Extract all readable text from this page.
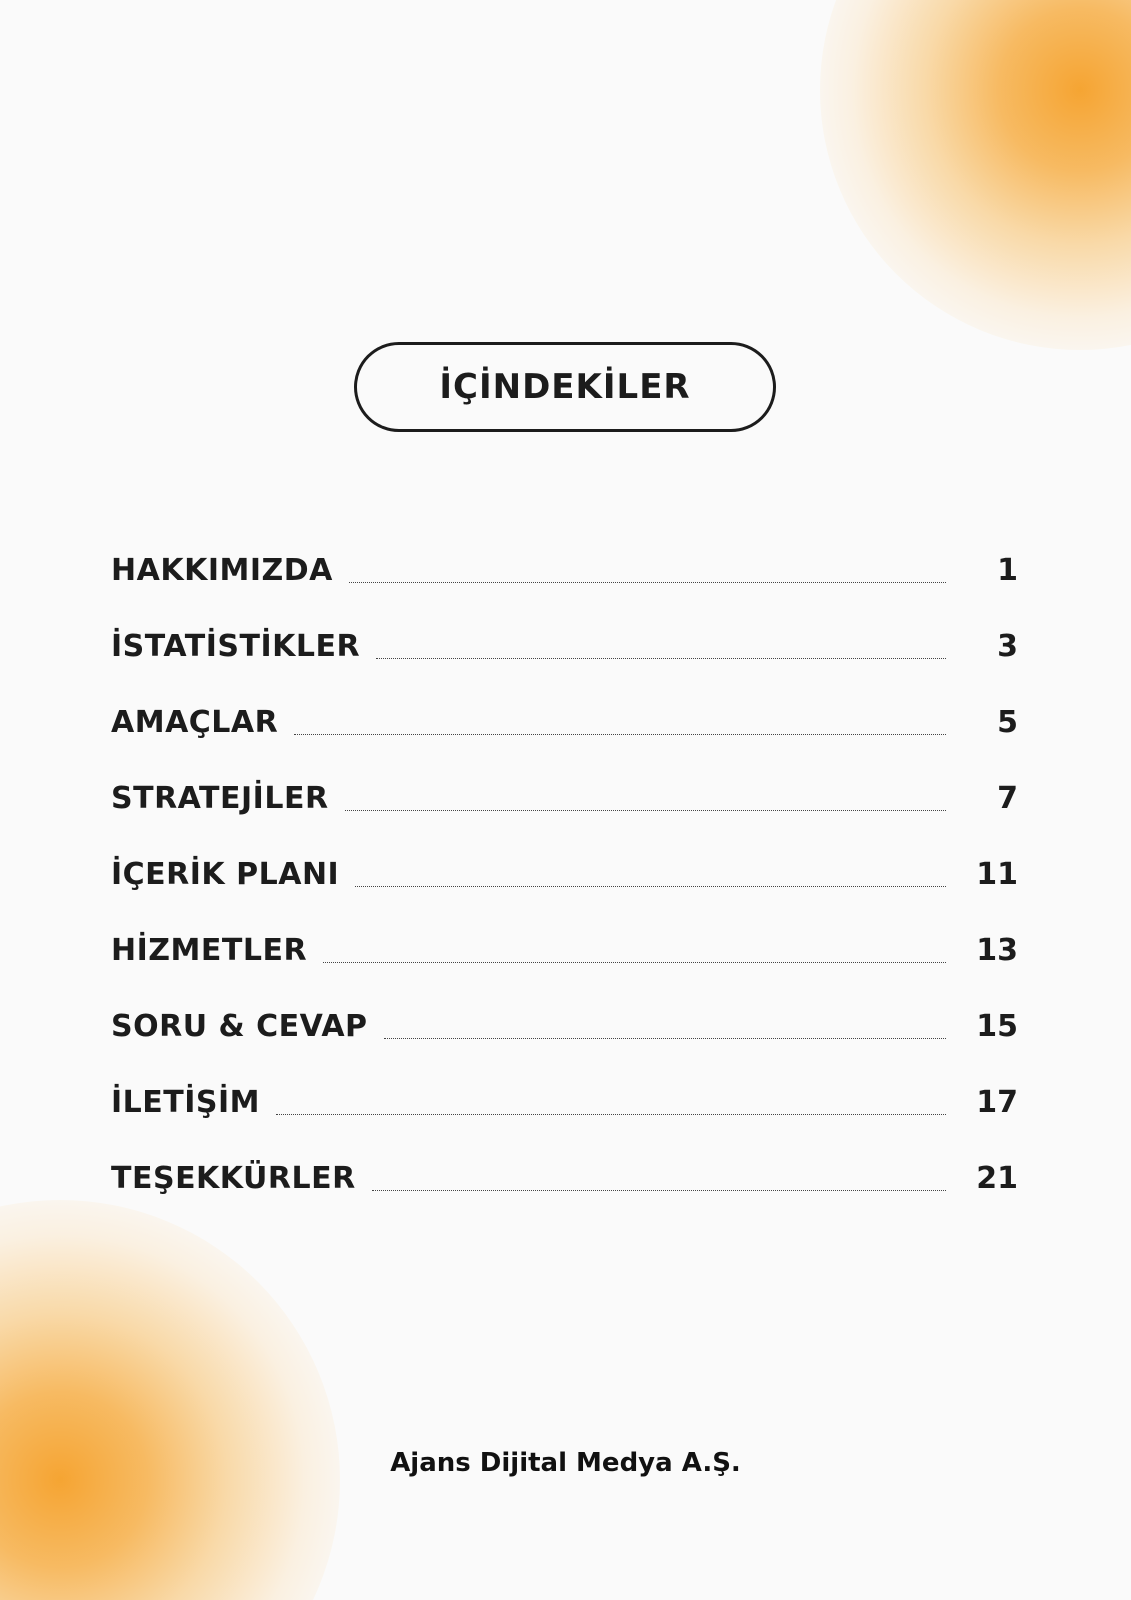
İÇİNDEKİLER
HAKKIMIZDA	1
İSTATİSTİKLER	3
AMAÇLAR	5
STRATEJİLER	7
İÇERİK PLANI	11
HİZMETLER	13
SORU & CEVAP	15
İLETİŞİM	17
TEŞEKKÜRLER	21
Ajans Dijital Medya A.Ş.
